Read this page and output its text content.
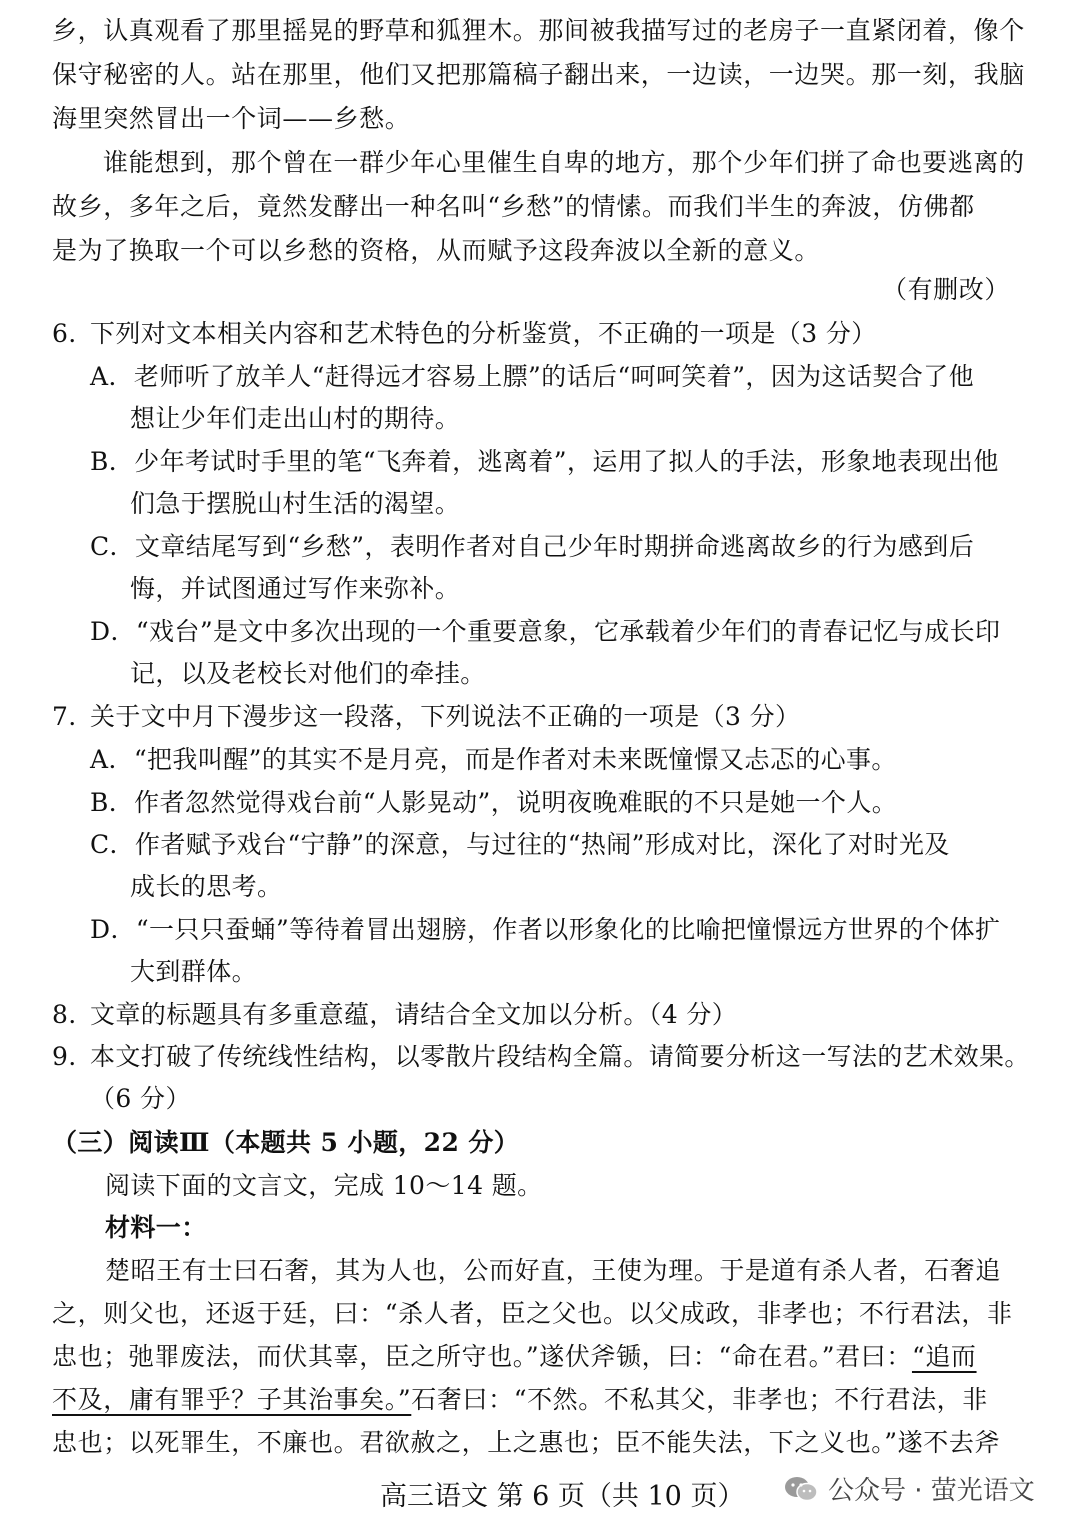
乡，认真观看了那里摇晃的野草和狐狸木。那间被我描写过的老房子一直紧闭着，像个
保守秘密的人。站在那里，他们又把那篇稿子翻出来，一边读，一边哭。那一刻，我脑
海里突然冒出一个词——乡愁。
谁能想到，那个曾在一群少年心里催生自卑的地方，那个少年们拼了命也要逃离的
故乡，多年之后，竟然发酵出一种名叫“乡愁”的情愫。而我们半生的奔波，仿佛都
是为了换取一个可以乡愁的资格，从而赋予这段奔波以全新的意义。
（有删改）
6. 下列对文本相关内容和艺术特色的分析鉴赏，不正确的一项是（3 分）
A．老师听了放羊人“赶得远才容易上膘”的话后“呵呵笑着”，因为这话契合了他
想让少年们走出山村的期待。
B．少年考试时手里的笔“飞奔着，逃离着”，运用了拟人的手法，形象地表现出他
们急于摆脱山村生活的渴望。
C．文章结尾写到“乡愁”，表明作者对自己少年时期拼命逃离故乡的行为感到后
悔，并试图通过写作来弥补。
D．“戏台”是文中多次出现的一个重要意象，它承载着少年们的青春记忆与成长印
记，以及老校长对他们的牵挂。
7. 关于文中月下漫步这一段落，下列说法不正确的一项是（3 分）
A．“把我叫醒”的其实不是月亮，而是作者对未来既憧憬又忐忑的心事。
B．作者忽然觉得戏台前“人影晃动”，说明夜晚难眠的不只是她一个人。
C．作者赋予戏台“宁静”的深意，与过往的“热闹”形成对比，深化了对时光及
成长的思考。
D．“一只只蚕蛹”等待着冒出翅膀，作者以形象化的比喻把憧憬远方世界的个体扩
大到群体。
8. 文章的标题具有多重意蕴，请结合全文加以分析。（4 分）
9. 本文打破了传统线性结构，以零散片段结构全篇。请简要分析这一写法的艺术效果。
（6 分）
（三）阅读Ⅲ（本题共 5 小题，22 分）
阅读下面的文言文，完成 10～14 题。
材料一：
楚昭王有士曰石奢，其为人也，公而好直，王使为理。于是道有杀人者，石奢追
之，则父也，还返于廷，曰：“杀人者，臣之父也。以父成政，非孝也；不行君法，非
忠也；弛罪废法，而伏其辜，臣之所守也。”遂伏斧锧，曰：“命在君。”君曰：“追而
不及，庸有罪乎？子其治事矣。”石奢曰：“不然。不私其父，非孝也；不行君法，非
忠也；以死罪生，不廉也。君欲赦之，上之惠也；臣不能失法，下之义也。”遂不去斧
高三语文 第 6 页（共 10 页）	公众号 · 萤光语文
